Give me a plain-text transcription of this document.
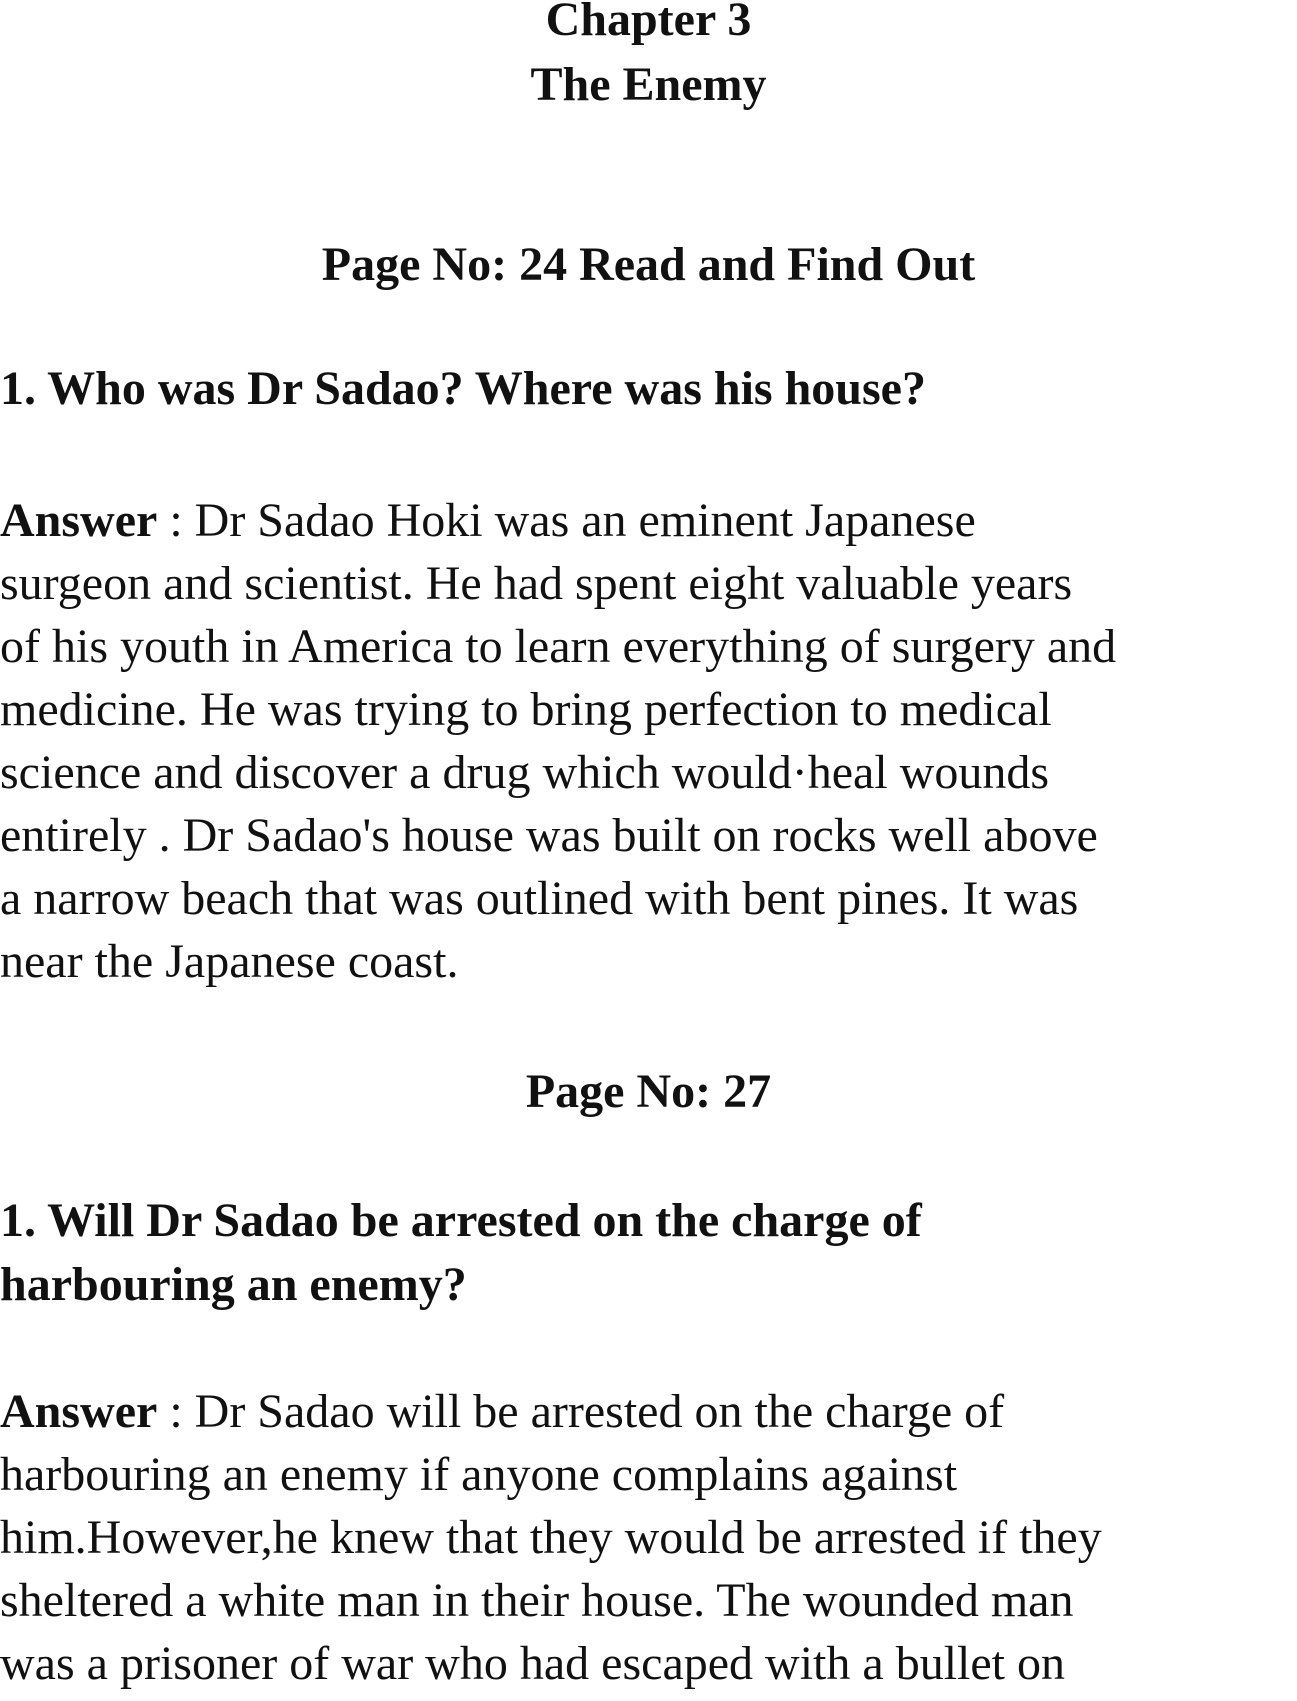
Chapter 3
The Enemy
Page No: 24 Read and Find Out
1. Who was Dr Sadao? Where was his house?
Answer : Dr Sadao Hoki was an eminent Japanese
surgeon and scientist. He had spent eight valuable years
of his youth in America to learn everything of surgery and
medicine. He was trying to bring perfection to medical
science and discover a drug which would·heal wounds
entirely . Dr Sadao's house was built on rocks well above
a narrow beach that was outlined with bent pines. It was
near the Japanese coast.
Page No: 27
1. Will Dr Sadao be arrested on the charge of
harbouring an enemy?
Answer : Dr Sadao will be arrested on the charge of
harbouring an enemy if anyone complains against
him.However,he knew that they would be arrested if they
sheltered a white man in their house. The wounded man
was a prisoner of war who had escaped with a bullet on
